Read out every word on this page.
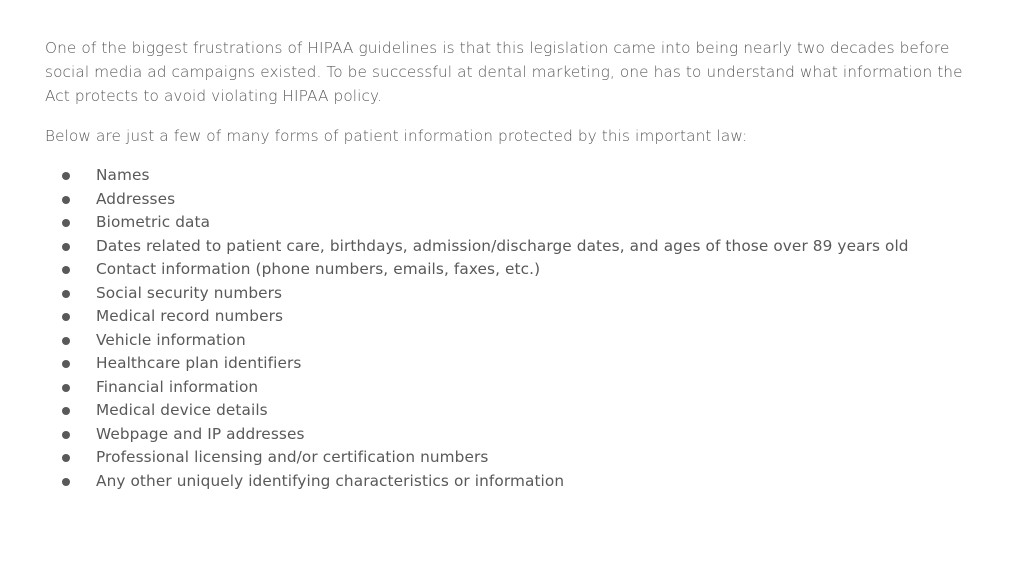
One of the biggest frustrations of HIPAA guidelines is that this legislation came into being nearly two decades before social media ad campaigns existed. To be successful at dental marketing, one has to understand what information the Act protects to avoid violating HIPAA policy.

Below are just a few of many forms of patient information protected by this important law:

Names
Addresses
Biometric data
Dates related to patient care, birthdays, admission/discharge dates, and ages of those over 89 years old
Contact information (phone numbers, emails, faxes, etc.)
Social security numbers
Medical record numbers
Vehicle information
Healthcare plan identifiers
Financial information
Medical device details
Webpage and IP addresses
Professional licensing and/or certification numbers
Any other uniquely identifying characteristics or information
